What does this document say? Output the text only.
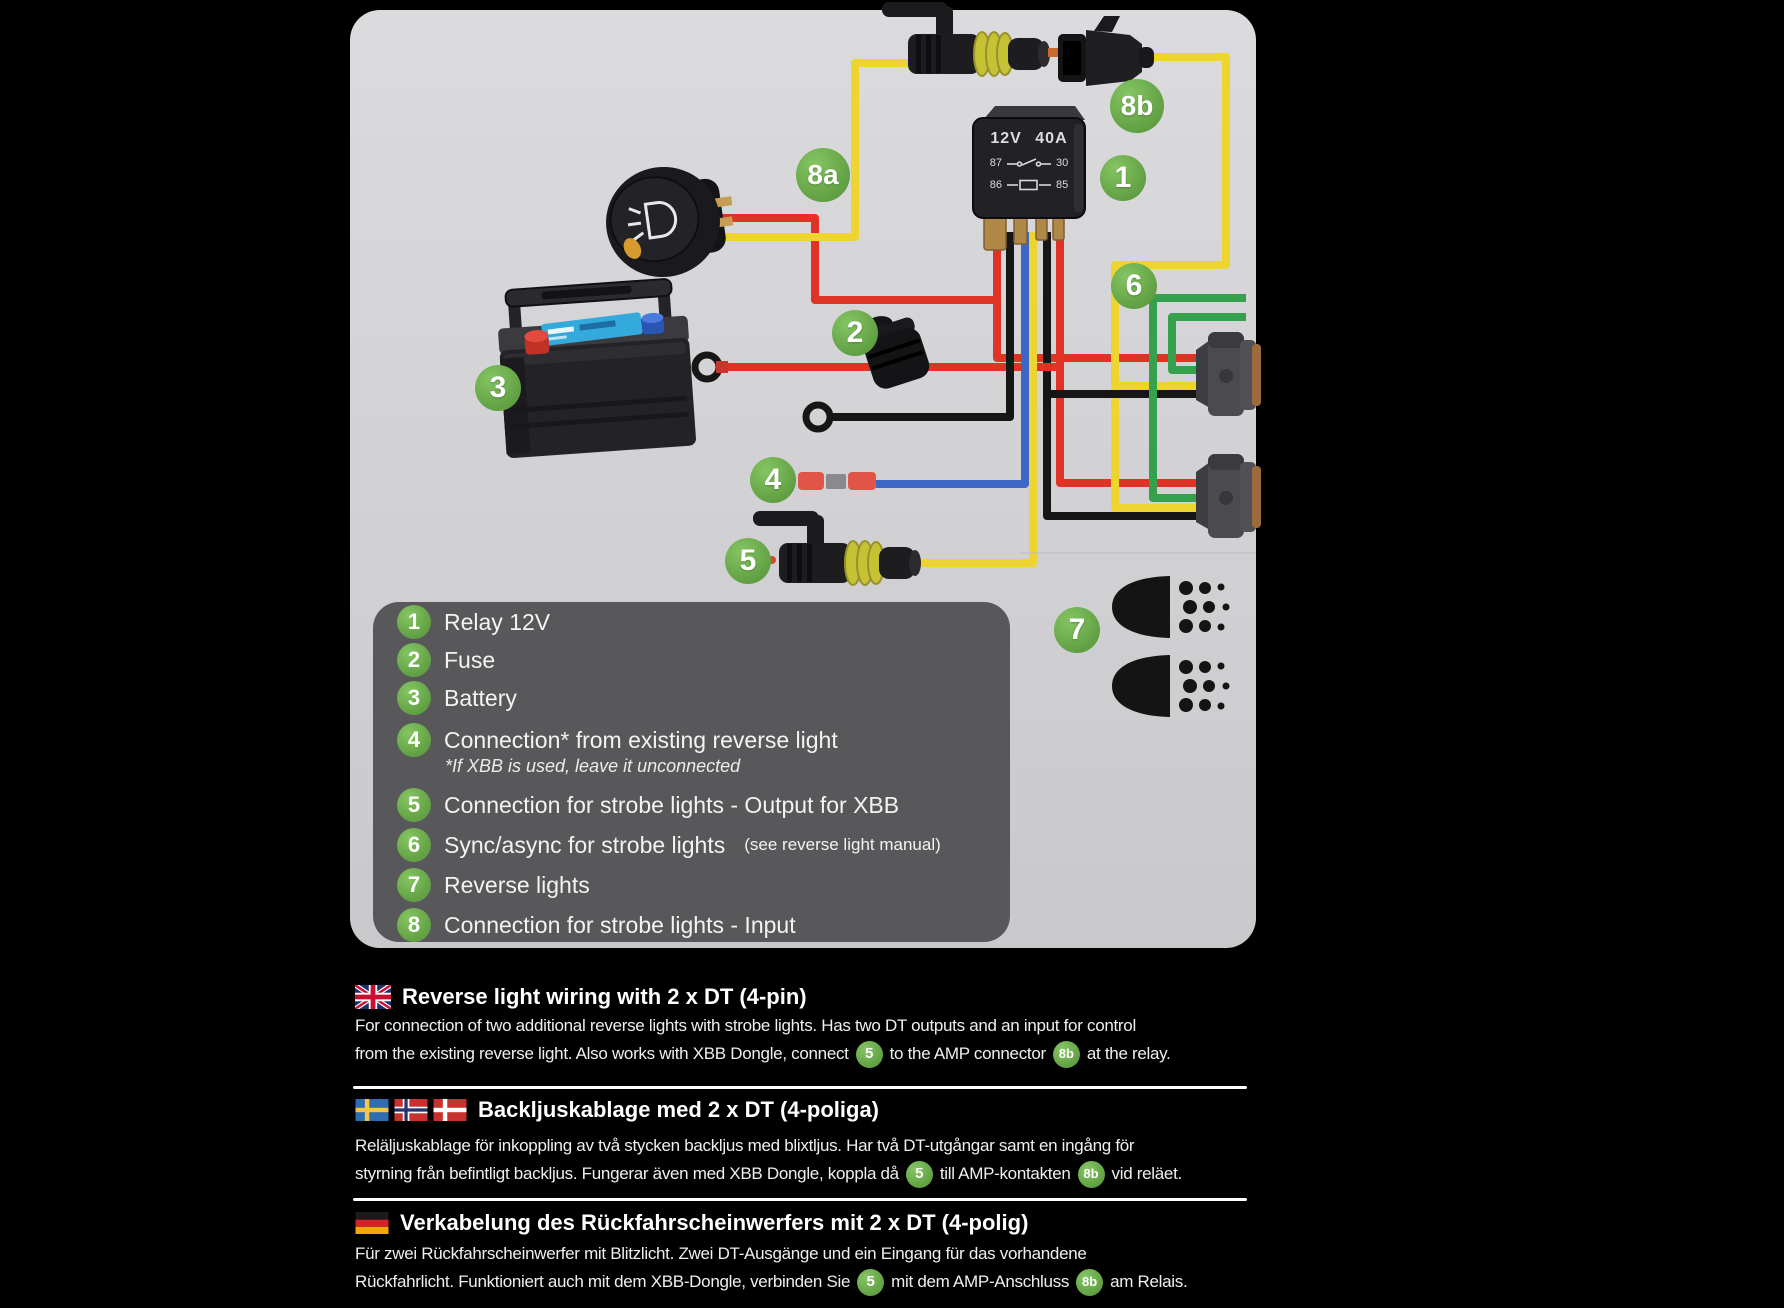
12V 40A
87	30
86	85	1
2
3
4
5
6
7
8a
8b
1	Relay 12V
2	Fuse
3	Battery
4	Connection* from existing reverse light
*If XBB is used, leave it unconnected
5	Connection for strobe lights - Output for XBB
6	Sync/async for strobe lights (see reverse light manual)
7	Reverse lights
8	Connection for strobe lights - Input
Reverse light wiring with 2 x DT (4-pin)
For connection of two additional reverse lights with strobe lights. Has two DT outputs and an input for control
from the existing reverse light. Also works with XBB Dongle, connect	5 to the AMP connector 8b at the relay.
Backljuskablage med 2 x DT (4-poliga)
Reläljuskablage för inkoppling av två stycken backljus med blixtljus. Har två DT-utgångar samt en ingång för
styrning från befintligt backljus. Fungerar även med XBB Dongle, koppla då	5 till AMP-kontakten 8b vid reläet.
Verkabelung des Rückfahrscheinwerfers mit 2 x DT (4-polig)
Für zwei Rückfahrscheinwerfer mit Blitzlicht. Zwei DT-Ausgänge und ein Eingang für das vorhandene
Rückfahrlicht. Funktioniert auch mit dem XBB-Dongle, verbinden Sie	5 mit dem AMP-Anschluss 8b am Relais.
